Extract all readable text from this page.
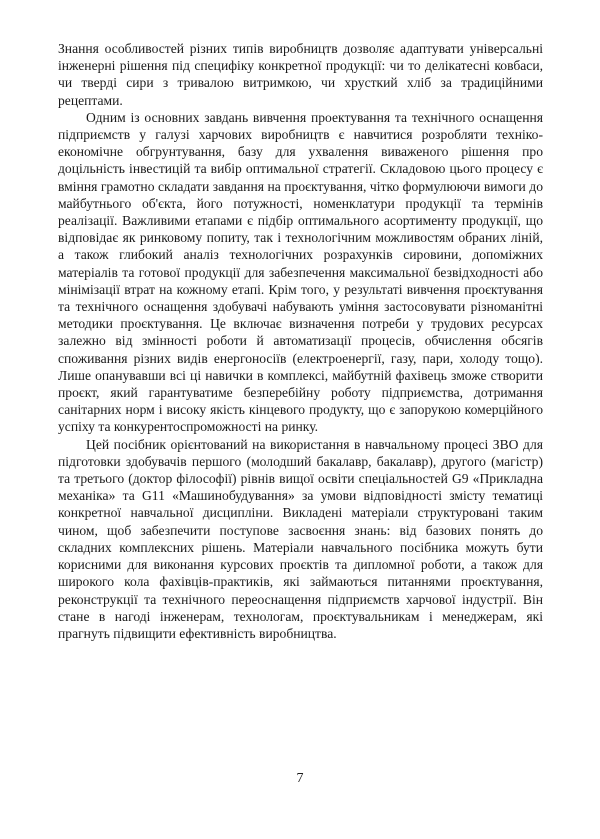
Знання особливостей різних типів виробництв дозволяє адаптувати універсальні інженерні рішення під специфіку конкретної продукції: чи то делікатесні ковбаси, чи тверді сири з тривалою витримкою, чи хрусткий хліб за традиційними рецептами.

Одним із основних завдань вивчення проектування та технічного оснащення підприємств у галузі харчових виробництв є навчитися розробляти техніко-економічне обгрунтування, базу для ухвалення виваженого рішення про доцільність інвестицій та вибір оптимальної стратегії. Складовою цього процесу є вміння грамотно складати завдання на проєктування, чітко формулюючи вимоги до майбутнього об'єкта, його потужності, номенклатури продукції та термінів реалізації. Важливими етапами є підбір оптимального асортименту продукції, що відповідає як ринковому попиту, так і технологічним можливостям обраних ліній, а також глибокий аналіз технологічних розрахунків сировини, допоміжних матеріалів та готової продукції для забезпечення максимальної безвідходності або мінімізації втрат на кожному етапі. Крім того, у результаті вивчення проєктування та технічного оснащення здобувачі набувають уміння застосовувати різноманітні методики проєктування. Це включає визначення потреби у трудових ресурсах залежно від змінності роботи й автоматизації процесів, обчислення обсягів споживання різних видів енергоносіїв (електроенергії, газу, пари, холоду тощо). Лише опанувавши всі ці навички в комплексі, майбутній фахівець зможе створити проєкт, який гарантуватиме безперебійну роботу підприємства, дотримання санітарних норм і високу якість кінцевого продукту, що є запорукою комерційного успіху та конкурентоспроможності на ринку.

Цей посібник орієнтований на використання в навчальному процесі ЗВО для підготовки здобувачів першого (молодший бакалавр, бакалавр), другого (магістр) та третього (доктор філософії) рівнів вищої освіти спеціальностей G9 «Прикладна механіка» та G11 «Машинобудування» за умови відповідності змісту тематиці конкретної навчальної дисципліни. Викладені матеріали структуровані таким чином, щоб забезпечити поступове засвоєння знань: від базових понять до складних комплексних рішень. Матеріали навчального посібника можуть бути корисними для виконання курсових проєктів та дипломної роботи, а також для широкого кола фахівців-практиків, які займаються питаннями проєктування, реконструкції та технічного переоснащення підприємств харчової індустрії. Він стане в нагоді інженерам, технологам, проєктувальникам і менеджерам, які прагнуть підвищити ефективність виробництва.

7
